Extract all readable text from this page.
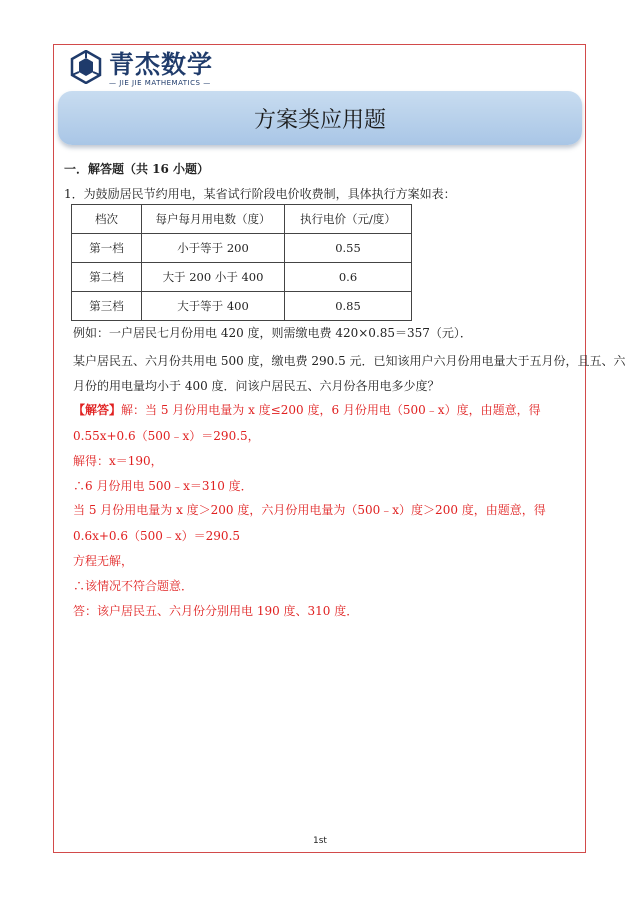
青杰数学
— JIE JIE MATHEMATICS —
方案类应用题
一．解答题（共 16 小题）
1．为鼓励居民节约用电，某省试行阶段电价收费制，具体执行方案如表：
档次	每户每月用电数（度）	执行电价（元/度）
第一档	小于等于 200	0.55
第二档	大于 200 小于 400	0.6
第三档	大于等于 400	0.85
例如：一户居民七月份用电 420 度，则需缴电费 420×0.85＝357（元）．
某户居民五、六月份共用电 500 度，缴电费 290.5 元．已知该用户六月份用电量大于五月份，且五、六
月份的用电量均小于 400 度．问该户居民五、六月份各用电多少度？
【解答】解：当 5 月份用电量为 x 度≤200 度，6 月份用电（500﹣x）度，由题意，得
0.55x+0.6（500﹣x）＝290.5，
解得：x＝190，
∴6 月份用电 500﹣x＝310 度．
当 5 月份用电量为 x 度＞200 度，六月份用电量为（500﹣x）度＞200 度，由题意，得
0.6x+0.6（500﹣x）＝290.5
方程无解，
∴该情况不符合题意．
答：该户居民五、六月份分别用电 190 度、310 度．
1st
